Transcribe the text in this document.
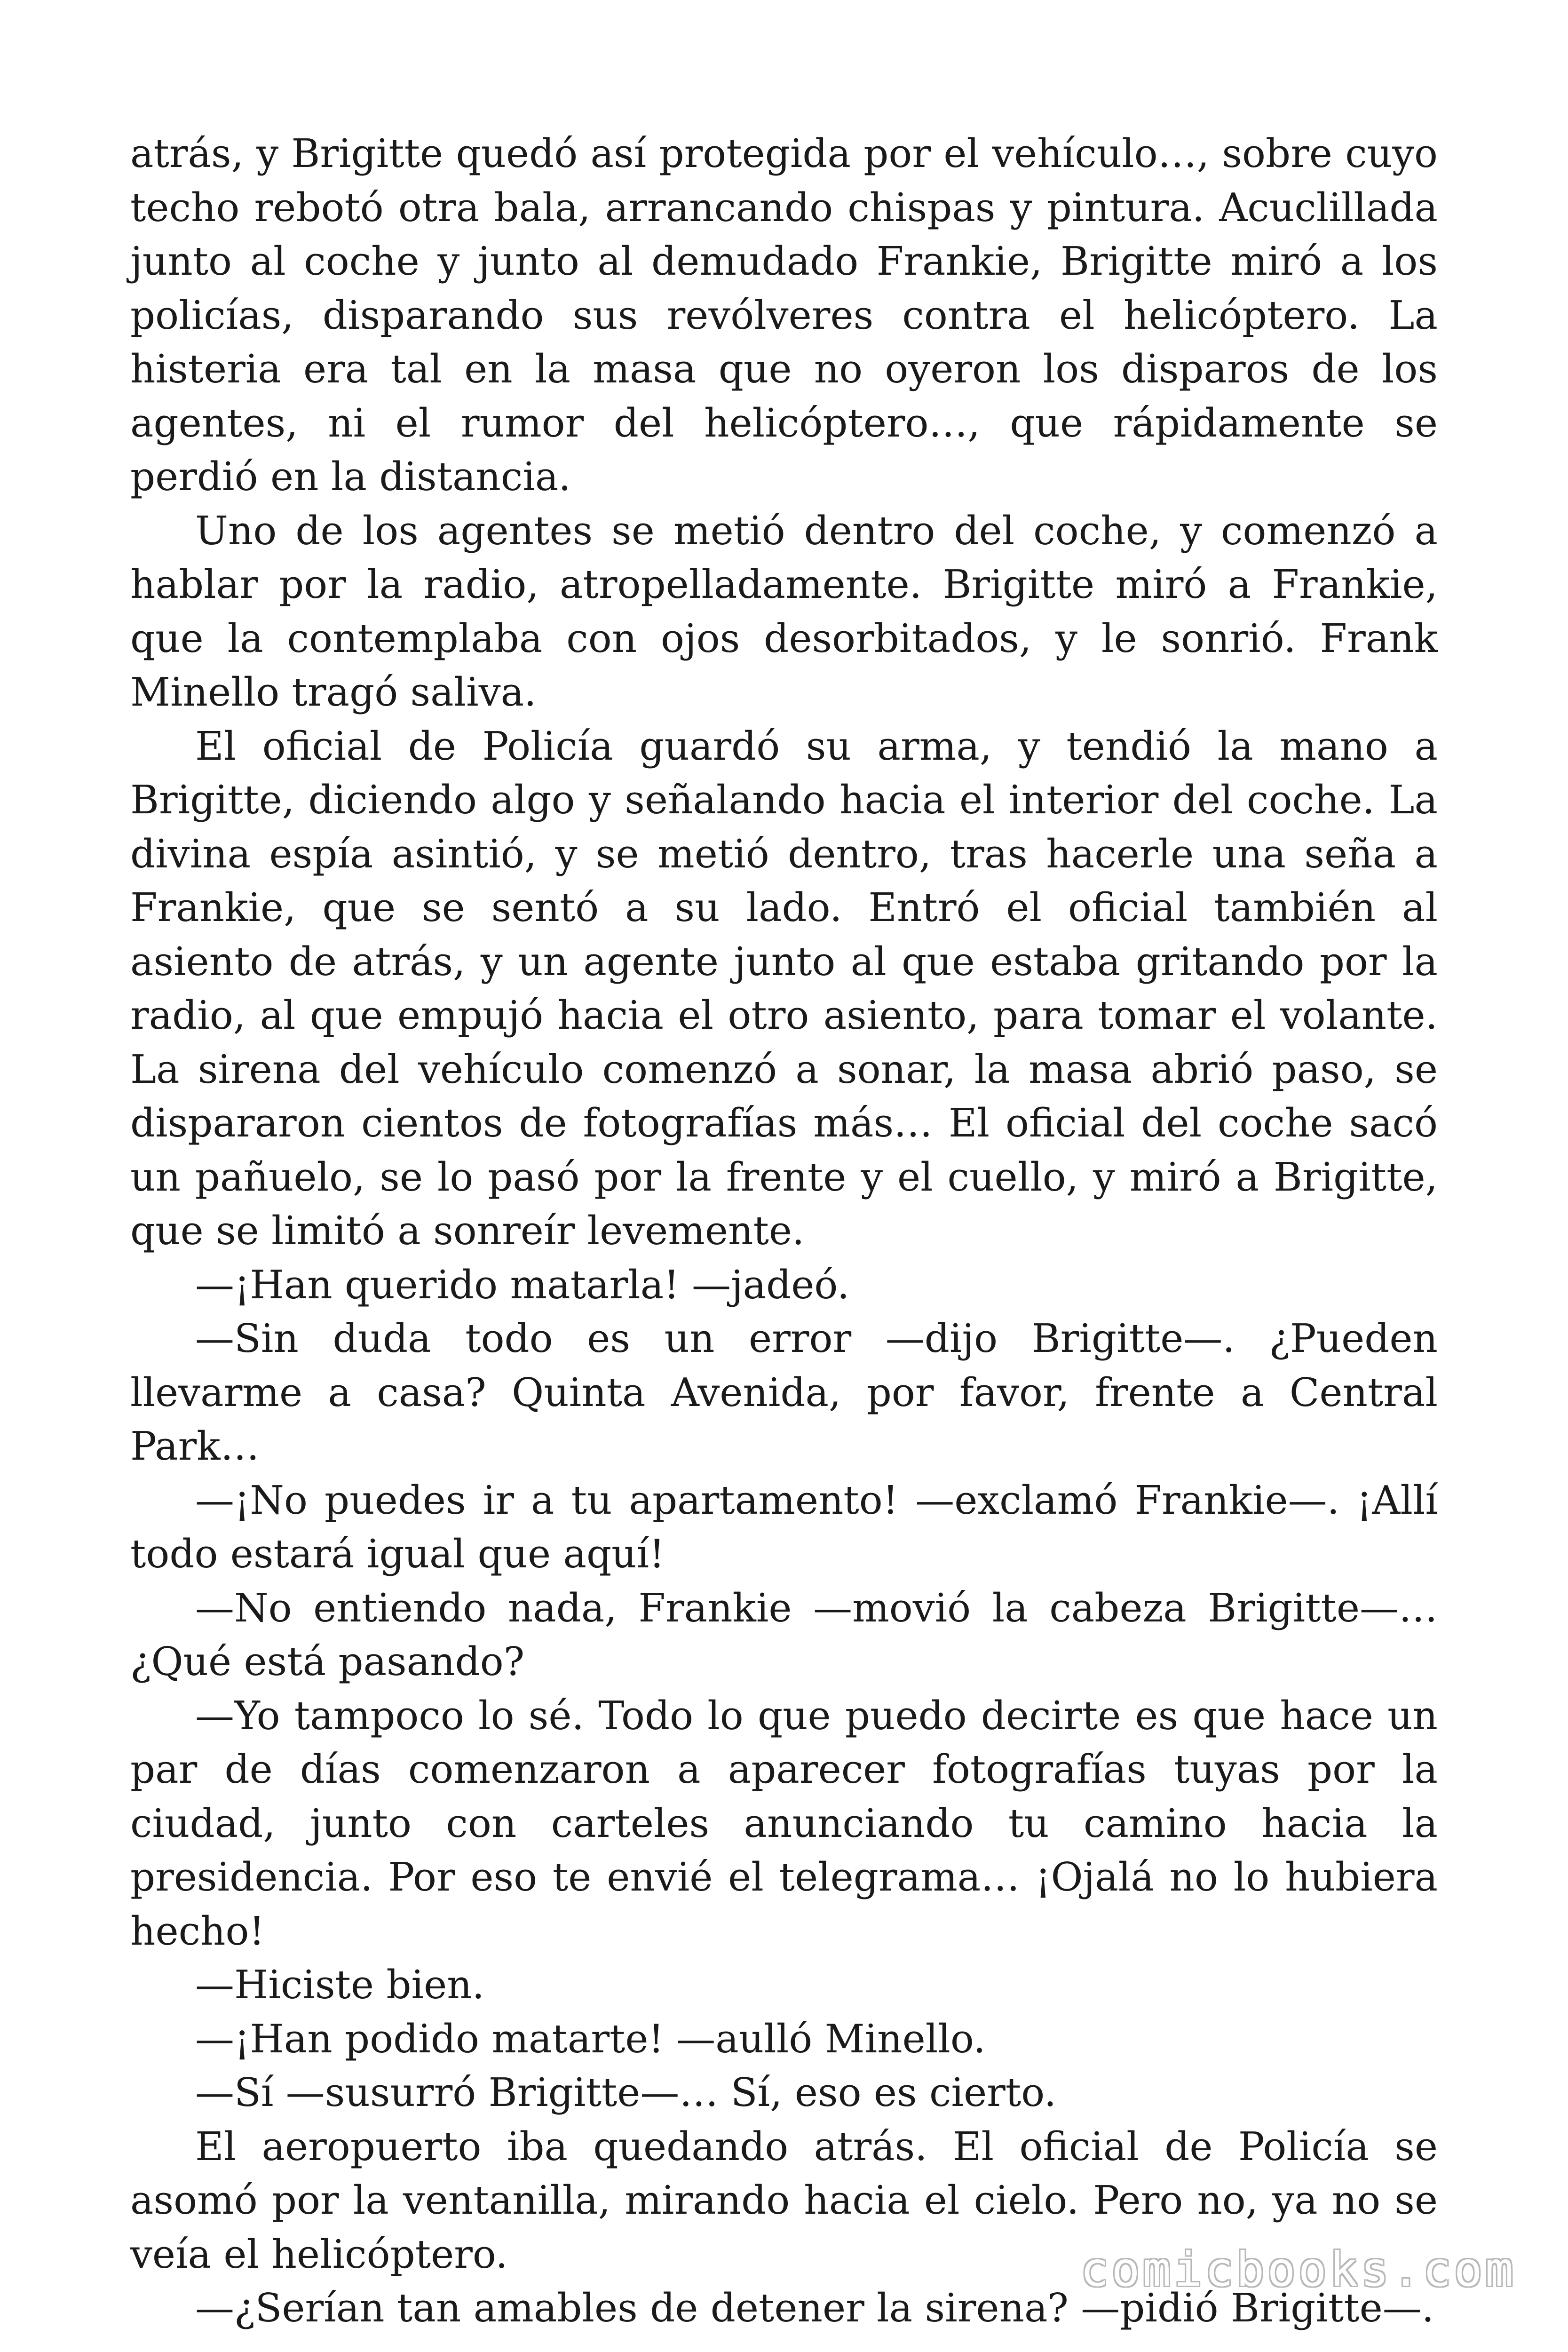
atrás, y Brigitte quedó así protegida por el vehículo…, sobre cuyo techo rebotó otra bala, arrancando chispas y pintura. Acuclillada junto al coche y junto al demudado Frankie, Brigitte miró a los policías, disparando sus revólveres contra el helicóptero. La histeria era tal en la masa que no oyeron los disparos de los agentes, ni el rumor del helicóptero…, que rápidamente se perdió en la distancia.

Uno de los agentes se metió dentro del coche, y comenzó a hablar por la radio, atropelladamente. Brigitte miró a Frankie, que la contemplaba con ojos desorbitados, y le sonrió. Frank Minello tragó saliva.

El oficial de Policía guardó su arma, y tendió la mano a Brigitte, diciendo algo y señalando hacia el interior del coche. La divina espía asintió, y se metió dentro, tras hacerle una seña a Frankie, que se sentó a su lado. Entró el oficial también al asiento de atrás, y un agente junto al que estaba gritando por la radio, al que empujó hacia el otro asiento, para tomar el volante. La sirena del vehículo comenzó a sonar, la masa abrió paso, se dispararon cientos de fotografías más… El oficial del coche sacó un pañuelo, se lo pasó por la frente y el cuello, y miró a Brigitte, que se limitó a sonreír levemente.

—¡Han querido matarla! —jadeó.

—Sin duda todo es un error —dijo Brigitte—. ¿Pueden llevarme a casa? Quinta Avenida, por favor, frente a Central Park…

—¡No puedes ir a tu apartamento! —exclamó Frankie—. ¡Allí todo estará igual que aquí!

—No entiendo nada, Frankie —movió la cabeza Brigitte—… ¿Qué está pasando?

—Yo tampoco lo sé. Todo lo que puedo decirte es que hace un par de días comenzaron a aparecer fotografías tuyas por la ciudad, junto con carteles anunciando tu camino hacia la presidencia. Por eso te envié el telegrama… ¡Ojalá no lo hubiera hecho!

—Hiciste bien.

—¡Han podido matarte! —aulló Minello.

—Sí —susurró Brigitte—… Sí, eso es cierto.

El aeropuerto iba quedando atrás. El oficial de Policía se asomó por la ventanilla, mirando hacia el cielo. Pero no, ya no se veía el helicóptero.

—¿Serían tan amables de detener la sirena? —pidió Brigitte—.

comicbooks.com
